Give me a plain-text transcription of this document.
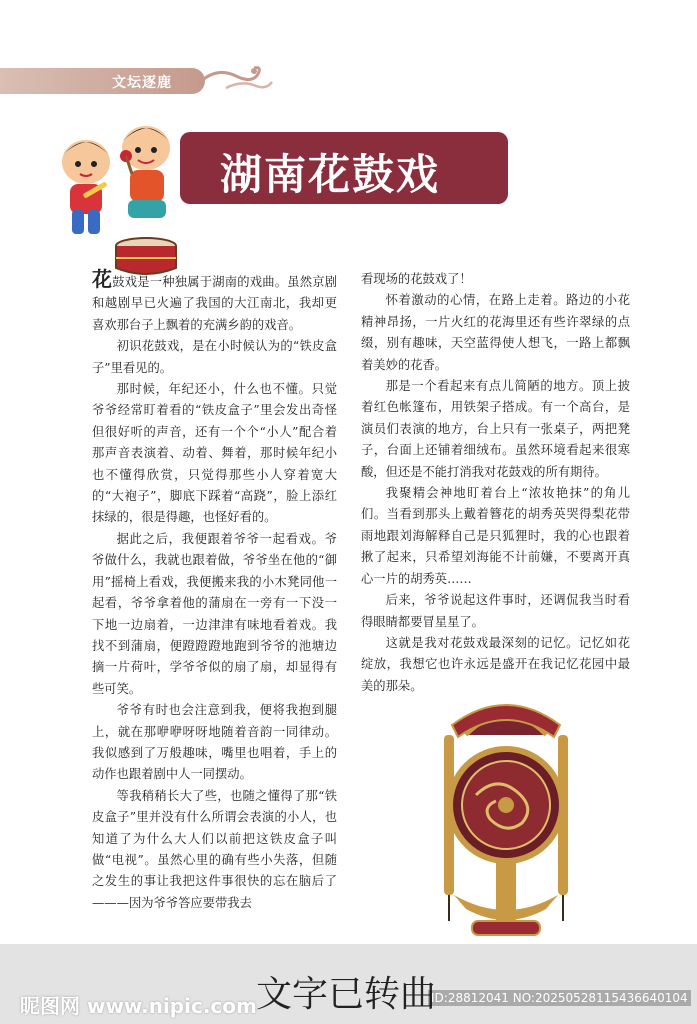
文坛逐鹿
湖南花鼓戏

花鼓戏是一种独属于湖南的戏曲。虽然京剧和越剧早已火遍了我国的大江南北，我却更喜欢那台子上飘着的充满乡韵的戏音。

初识花鼓戏，是在小时候认为的“铁皮盒子”里看见的。

那时候，年纪还小，什么也不懂。只觉爷爷经常盯着看的“铁皮盒子”里会发出奇怪但很好听的声音，还有一个个“小人”配合着那声音表演着、动着、舞着，那时候年纪小也不懂得欣赏，只觉得那些小人穿着宽大的“大袍子”，脚底下踩着“高跷”，脸上添红抹绿的，很是得趣，也怪好看的。

据此之后，我便跟着爷爷一起看戏。爷爷做什么，我就也跟着做，爷爷坐在他的“御用”摇椅上看戏，我便搬来我的小木凳同他一起看，爷爷拿着他的蒲扇在一旁有一下没一下地一边扇着，一边津津有味地看着戏。我找不到蒲扇，便蹬蹬蹬地跑到爷爷的池塘边摘一片荷叶，学爷爷似的扇了扇，却显得有些可笑。

爷爷有时也会注意到我，便将我抱到腿上，就在那咿咿呀呀地随着音韵一同律动。我似感到了万般趣味，嘴里也唱着，手上的动作也跟着剧中人一同摆动。

等我稍稍长大了些，也随之懂得了那“铁皮盒子”里并没有什么所谓会表演的小人，也知道了为什么大人们以前把这铁皮盒子叫做“电视”。虽然心里的确有些小失落，但随之发生的事让我把这件事很快的忘在脑后了———因为爷爷答应要带我去

看现场的花鼓戏了！

怀着激动的心情，在路上走着。路边的小花精神昂扬，一片火红的花海里还有些许翠绿的点缀，别有趣味，天空蓝得使人想飞，一路上都飘着美妙的花香。

那是一个看起来有点儿简陋的地方。顶上披着红色帐篷布，用铁架子搭成。有一个高台，是演员们表演的地方，台上只有一张桌子，两把凳子，台面上还铺着细绒布。虽然环境看起来很寒酸，但还是不能打消我对花鼓戏的所有期待。

我聚精会神地盯着台上“浓妆艳抹”的角儿们。当看到那头上戴着簪花的胡秀英哭得梨花带雨地跟刘海解释自己是只狐狸时，我的心也跟着揪了起来，只希望刘海能不计前嫌，不要离开真心一片的胡秀英……

后来，爷爷说起这件事时，还调侃我当时看得眼睛都要冒星星了。

这就是我对花鼓戏最深刻的记忆。记忆如花绽放，我想它也许永远是盛开在我记忆花园中最美的那朵。

昵图网 www.nipic.com 文字已转曲
ID:28812041 NO:20250528115436640104
